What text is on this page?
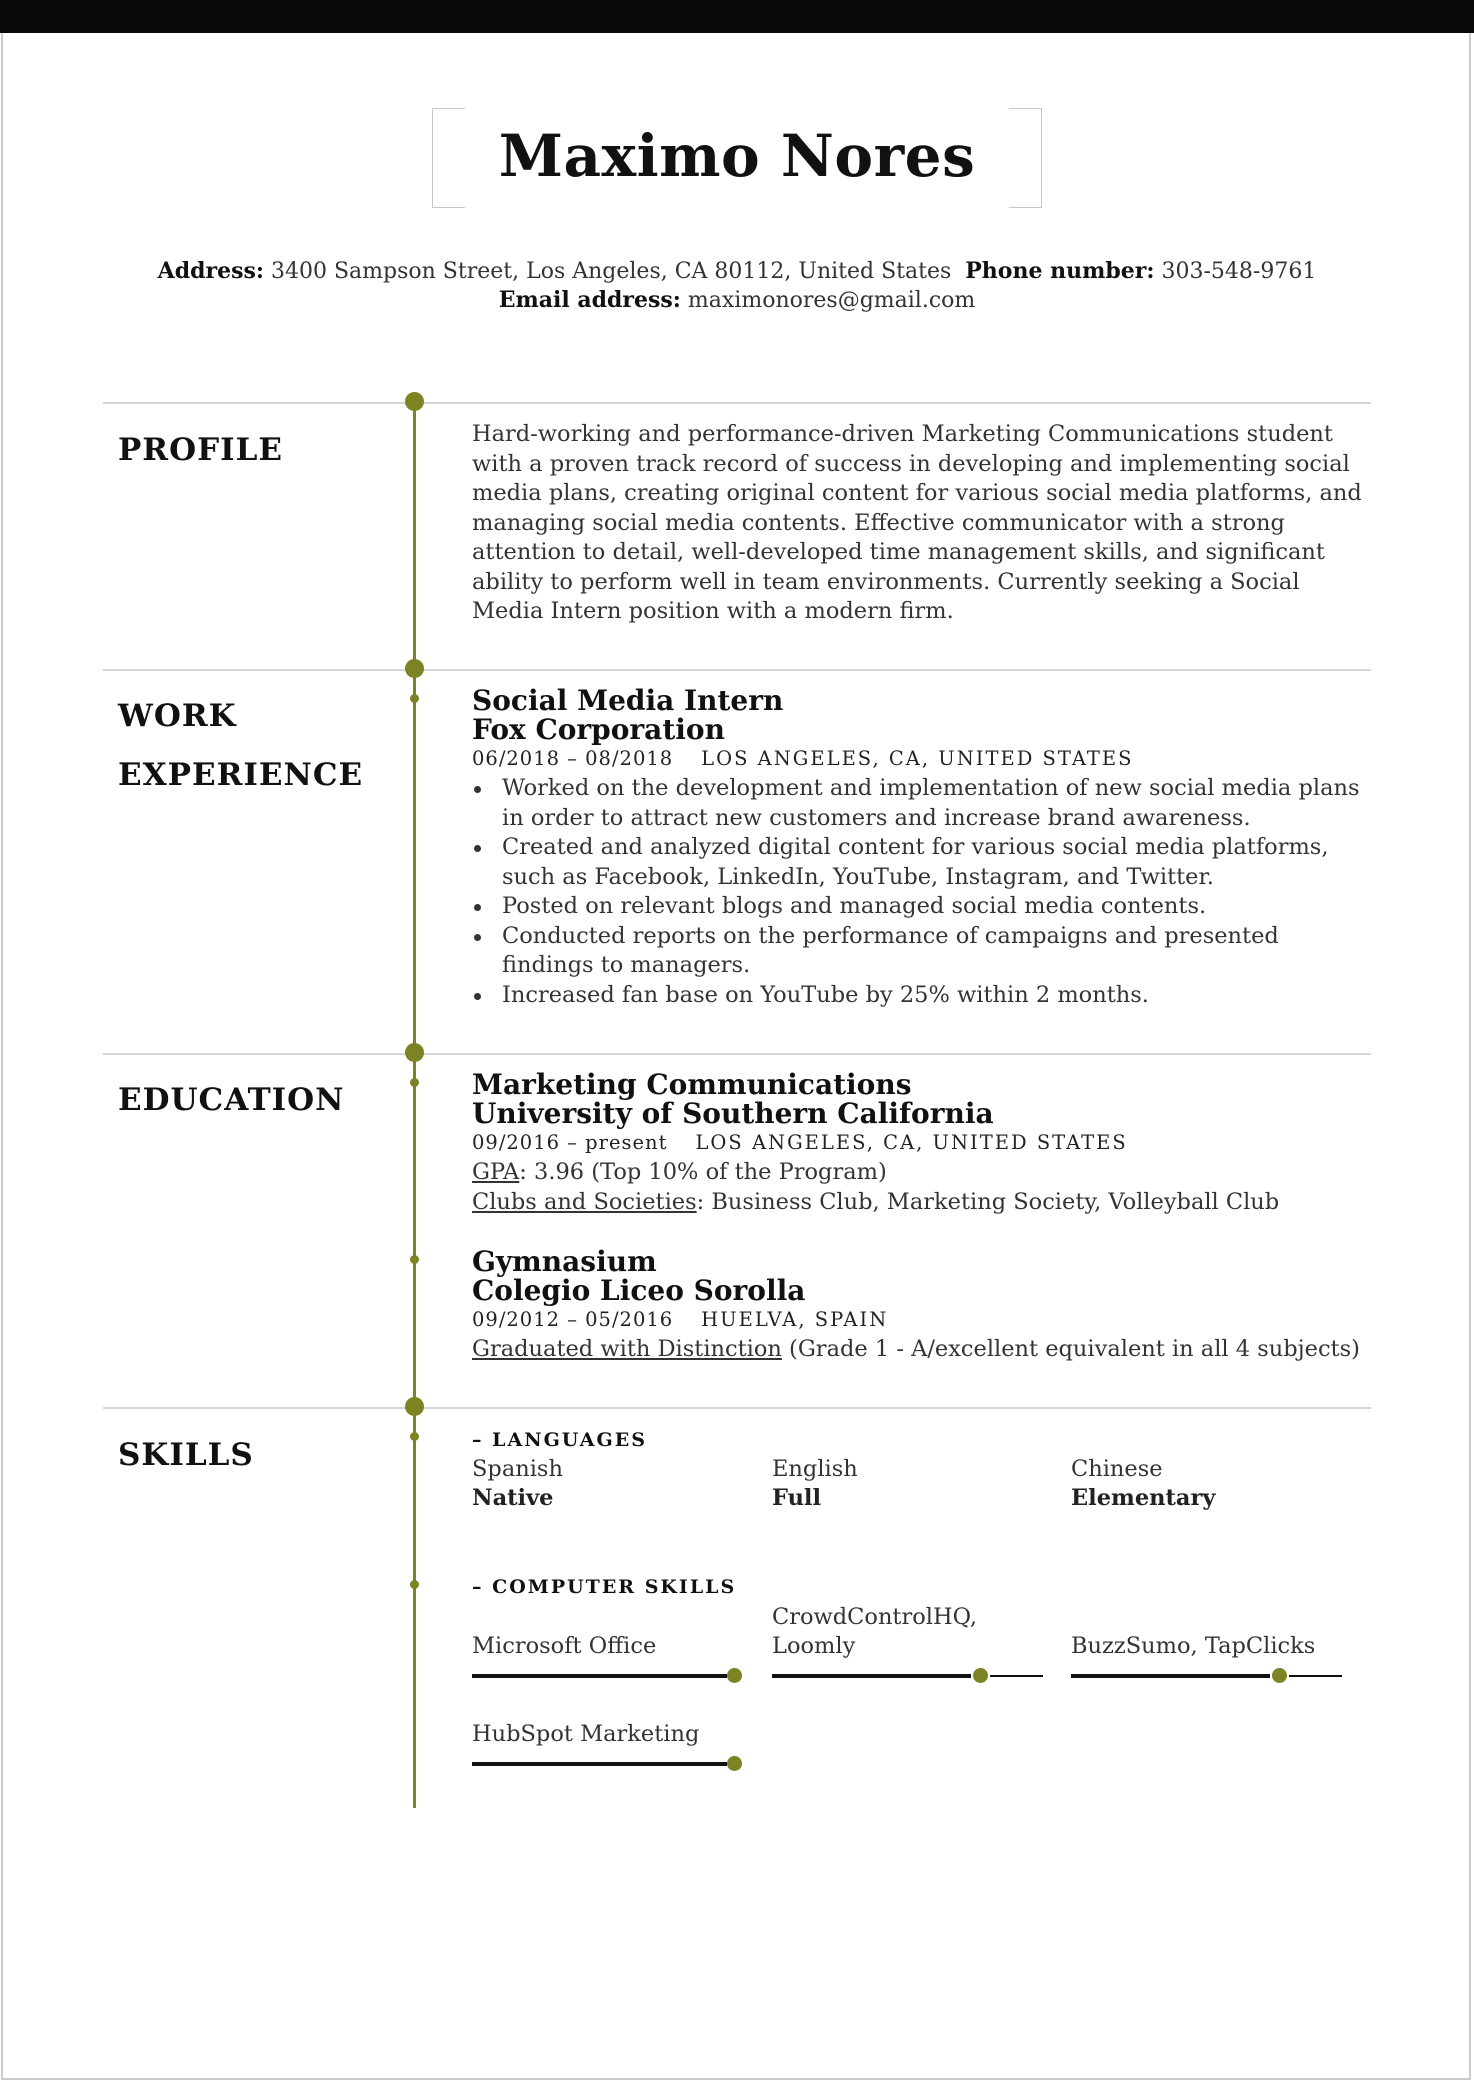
Maximo Nores
Address: 3400 Sampson Street, Los Angeles, CA 80112, United States Phone number: 303-548-9761
Email address: maximonores@gmail.com
PROFILE	Hard-working and performance-driven Marketing Communications student with a proven track record of success in developing and implementing social media plans, creating original content for various social media platforms, and managing social media contents. Effective communicator with a strong attention to detail, well-developed time management skills, and significant ability to perform well in team environments. Currently seeking a Social Media Intern position with a modern firm.
WORK
EXPERIENCE
Social Media Intern
Fox Corporation
06/2018 – 08/2018 LOS ANGELES, CA, UNITED STATES
Worked on the development and implementation of new social media plans in order to attract new customers and increase brand awareness.
Created and analyzed digital content for various social media platforms, such as Facebook, LinkedIn, YouTube, Instagram, and Twitter.
Posted on relevant blogs and managed social media contents.
Conducted reports on the performance of campaigns and presented findings to managers.
Increased fan base on YouTube by 25% within 2 months.
EDUCATION	Marketing Communications
University of Southern California
09/2016 – present LOS ANGELES, CA, UNITED STATES
GPA: 3.96 (Top 10% of the Program)
Clubs and Societies: Business Club, Marketing Society, Volleyball Club
Gymnasium
Colegio Liceo Sorolla
09/2012 – 05/2016 HUELVA, SPAIN
Graduated with Distinction (Grade 1 - A/excellent equivalent in all 4 subjects)
SKILLS	– LANGUAGES
Spanish
Native
English
Full
Chinese
Elementary
– COMPUTER SKILLS
Microsoft Office
CrowdControlHQ, Loomly	BuzzSumo, TapClicks
HubSpot Marketing
